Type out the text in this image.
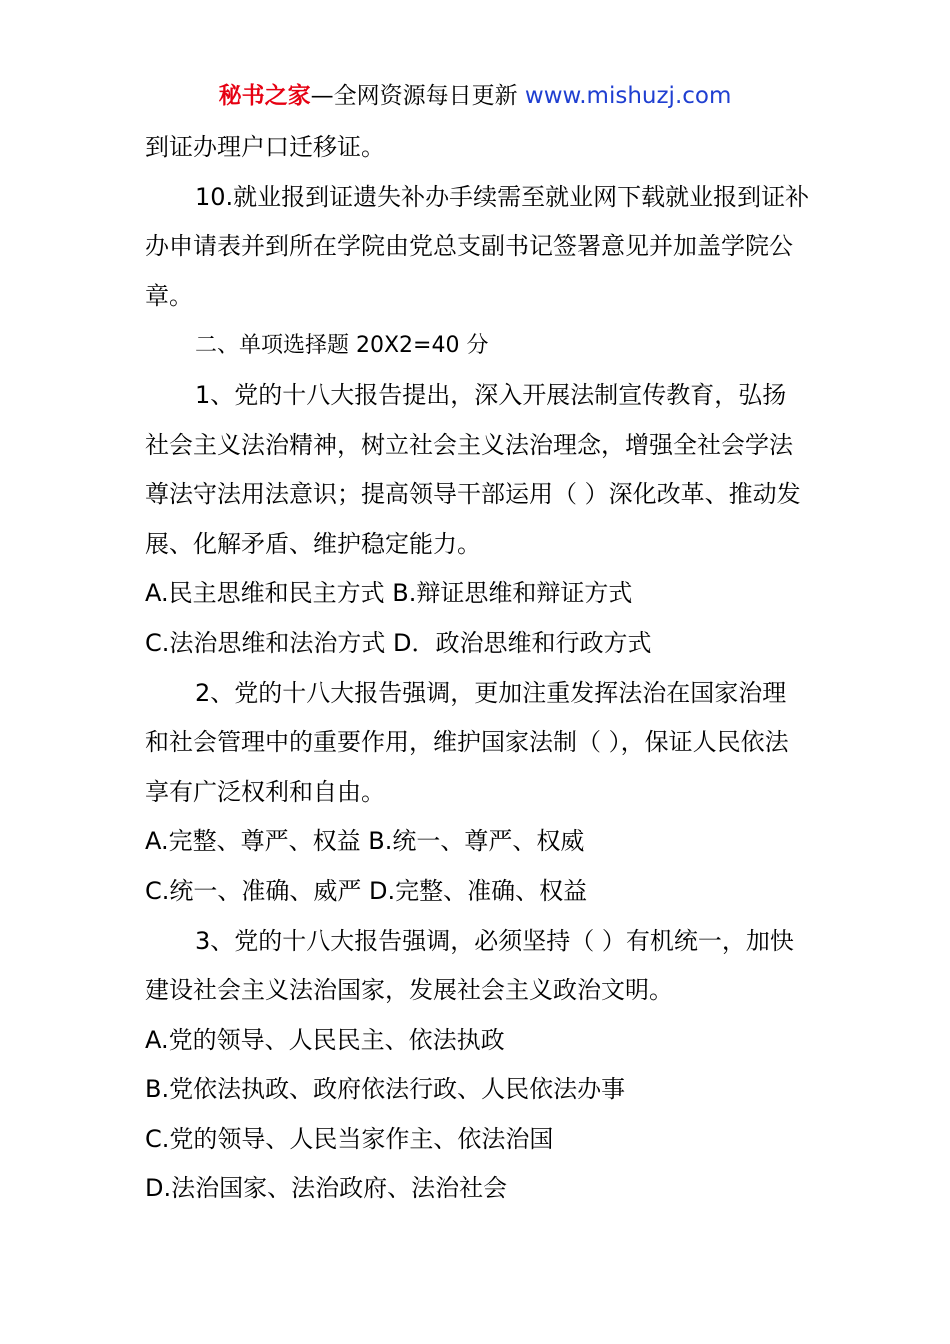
秘书之家—全网资源每日更新 www.mishuzj.com

到证办理户口迁移证。

10.就业报到证遗失补办手续需至就业网下载就业报到证补办申请表并到所在学院由党总支副书记签署意见并加盖学院公章。

二、单项选择题 20X2=40 分

1、党的十八大报告提出，深入开展法制宣传教育，弘扬社会主义法治精神，树立社会主义法治理念，增强全社会学法尊法守法用法意识；提高领导干部运用（ ）深化改革、推动发展、化解矛盾、维护稳定能力。

A.民主思维和民主方式 B.辩证思维和辩证方式

C.法治思维和法治方式 D．政治思维和行政方式

2、党的十八大报告强调，更加注重发挥法治在国家治理和社会管理中的重要作用，维护国家法制（ ），保证人民依法享有广泛权利和自由。

A.完整、尊严、权益 B.统一、尊严、权威

C.统一、准确、威严 D.完整、准确、权益

3、党的十八大报告强调，必须坚持（ ）有机统一，加快建设社会主义法治国家，发展社会主义政治文明。

A.党的领导、人民民主、依法执政

B.党依法执政、政府依法行政、人民依法办事

C.党的领导、人民当家作主、依法治国

D.法治国家、法治政府、法治社会
